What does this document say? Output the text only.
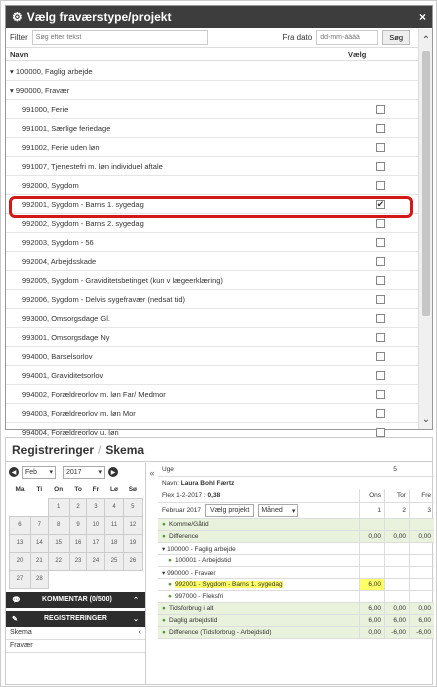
⚙ Vælg fraværstype/projekt	×
Filter
Søg efter tekst	Fra dato
dd-mm-åååå	Søg
Navn	Vælg
▾ 100000, Faglig arbejde
▾ 990000, Fravær
991000, Ferie
991001, Særlige feriedage
991002, Ferie uden løn
991007, Tjenestefri m. løn individuel aftale
992000, Sygdom
992001, Sygdom - Barns 1. sygedag	✔
992002, Sygdom - Barns 2. sygedag
992003, Sygdom - 56
992004, Arbejdsskade
992005, Sygdom - Graviditetsbetinget (kun v lægeerklæring)
992006, Sygdom - Delvis sygefravær (nedsat tid)
993000, Omsorgsdage Gl.
993001, Omsorgsdage Ny
994000, Barselsorlov
994001, Graviditetsorlov
994002, Forældreorlov m. løn Far/ Medmor
994003, Forældreorlov m. løn Mor
994004, Forældreorlov u. løn
⌃
⌄
Registreringer / Skema
◀	Feb ▾ 2017 ▾	▶
Ma	Ti	On	To	Fr	Lø	Sø
		1	2	3	4	5
6	7	8	9	10	11	12
13	14	15	16	17	18	19
20	21	22	23	24	25	26
27	28					
💬	KOMMENTAR (0/500)	⌃
✎	REGISTRERINGER	⌄
Skema	‹
Fravær
«	Uge	5
Navn:
Laura Bohl Færtz
Flex 1-2-2017 :
0,38	Ons	Tor	Fre
Februar 2017	Vælg projekt	Måned ▾	1	2	3
● Komme/Gåtid
● Difference	0,00	0,00	0,00
▾ 100000 - Faglig arbejde
● 100001 - Arbejdstid
▾ 990000 - Fravær
● 992001 - Sygdom - Barns 1. sygedag	6,00
● 997000 - Fleksfri
● Tidsforbrug i alt	6,00	0,00	0,00
● Daglig arbejdstid	6,00	6,00	6,00
● Difference (Tidsforbrug - Arbejdstid)	0,00	-6,00	-6,00
